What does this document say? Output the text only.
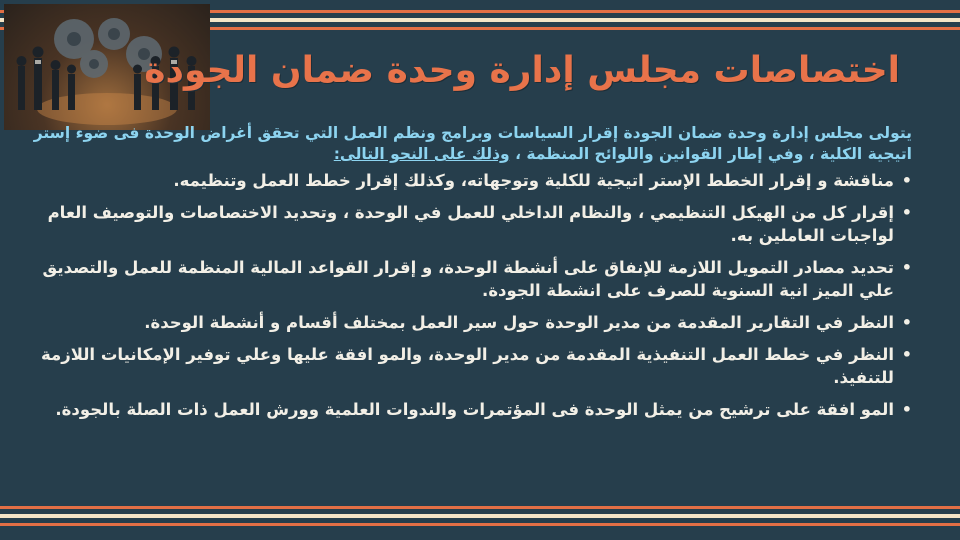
اختصاصات مجلس إدارة وحدة ضمان الجودة

يتولى مجلس إدارة وحدة ضمان الجودة إقرار السياسات وبرامج ونظم العمل التي تحقق أغراض الوحدة فى ضوء إستر اتيجية الكلية ، وفي إطار القوانين واللوائح المنظمة ، وذلك على النحو التالى:

•
مناقشة و إقرار الخطط الإستر اتيجية للكلية وتوجهاته، وكذلك إقرار خطط العمل وتنظيمه.
•
إقرار كل من الهيكل التنظيمي ، والنظام الداخلي للعمل في الوحدة ، وتحديد الاختصاصات والتوصيف العام لواجبات العاملين به.
•
تحديد مصادر التمويل اللازمة للإنفاق على أنشطة الوحدة، و إقرار القواعد المالية المنظمة للعمل والتصديق علي الميز انية السنوية للصرف على انشطة الجودة.
•
النظر في التقارير المقدمة من مدير الوحدة حول سير العمل بمختلف أقسام و أنشطة الوحدة.
•
النظر في خطط العمل التنفيذية المقدمة من مدير الوحدة، والمو افقة عليها وعلي توفير الإمكانيات اللازمة للتنفيذ.
•
المو افقة على ترشيح من يمثل الوحدة فى المؤتمرات والندوات العلمية وورش العمل ذات الصلة بالجودة.
